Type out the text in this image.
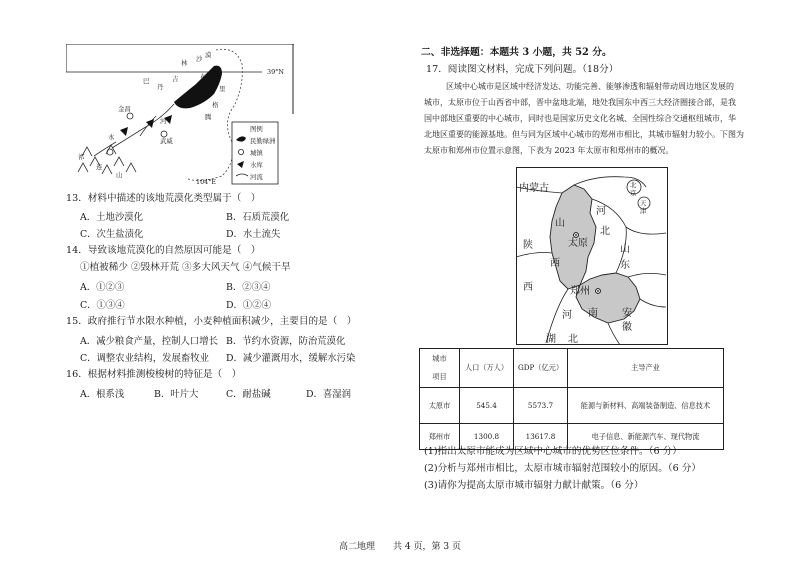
沙 漠
林
巴
丹
吉	布
腾
格
里
金昌
武威
祁
连
山
永
河
39°N
104°E
图例
民勤绿洲
城镇
水库
河流
13．材料中描述的该地荒漠化类型属于（　）
A．土地沙漠化	B．石质荒漠化
C．次生盐渍化	D．水土流失
14．导致该地荒漠化的自然原因可能是（　）
①植被稀少 ②毁林开荒 ③多大风天气 ④气候干旱
A．①②③	B．②③④
C．①③④	D．①②④
15．政府推行节水限水种植，小麦种植面积减少，主要目的是（　）
A．减少粮食产量，控制人口增长 B．节约水资源，防治荒漠化
C．调整农业结构，发展畜牧业 D．减少灌溉用水，缓解水污染
16．根据材料推测梭梭树的特征是（　）
A．根系浅	B．叶片大	C．耐盐碱	D．喜湿润
二、非选择题：本题共 3 小题，共 52 分。
17．阅读图文材料，完成下列问题。（18分）
区域中心城市是区域中经济发达、功能完善、能够渗透和辐射带动周边地区发展的
城市，太原市位于山西省中部，晋中盆地北端，地处我国东中西三大经济圈接合部，是我
国中部地区重要的中心城市，同时也是国家历史文化名城、全国性综合交通枢纽城市，华
北地区重要的能源基地。但与同为区域中心城市的郑州市相比，其城市辐射力较小。下图为
太原市和郑州市位置示意图，下表为 2023 年太原市和郑州市的概况。
内蒙古	北
京
天
津
河
北
山
西
陕
西
山
东
河 南 安
徽
湖 北
太原
郑州
城市
项目	人口（万人）	GDP（亿元）	主导产业
太原市	545.4	5573.7	能源与新材料、高端装备制造、信息技术
郑州市	1300.8	13617.8	电子信息、新能源汽车、现代物流
(1)指出太原市能成为区域中心城市的优势区位条件。（6 分）
(2)分析与郑州市相比，太原市城市辐射范围较小的原因。（6 分）
(3)请你为提高太原市城市辐射力献计献策。（6 分）
高二地理　　共 4 页，第 3 页
